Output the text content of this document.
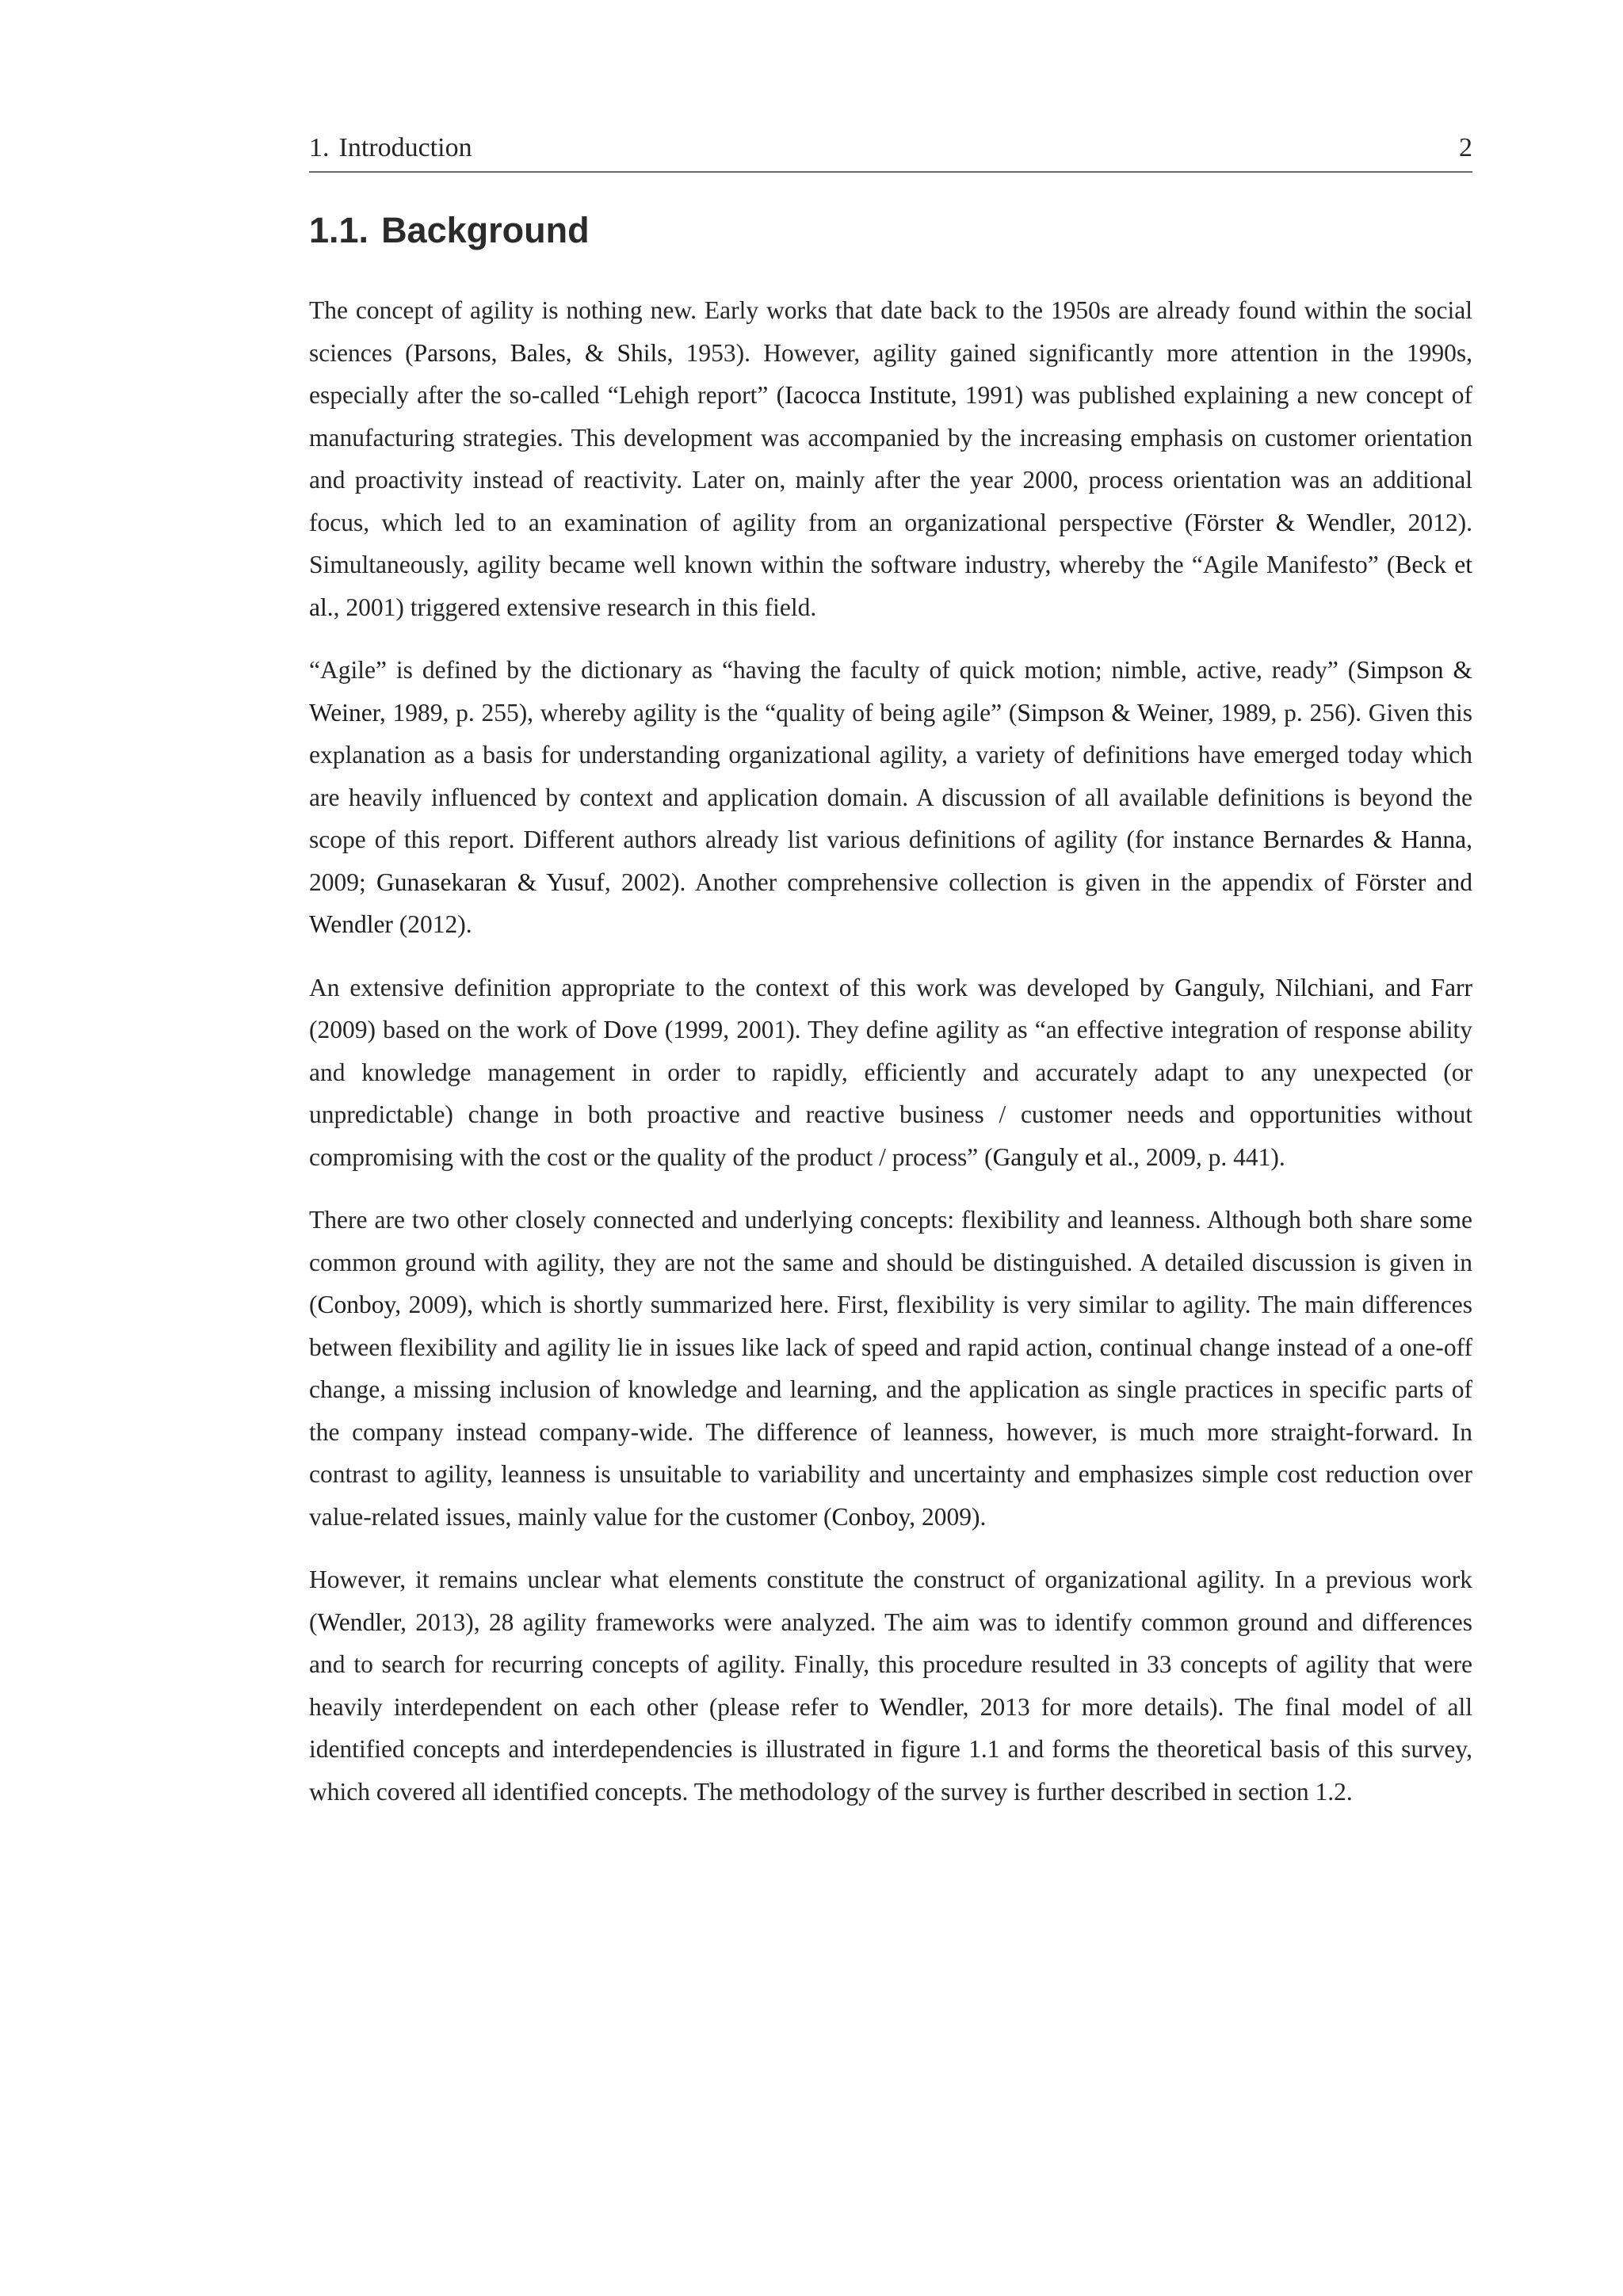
1. Introduction	2
1.1. Background

The concept of agility is nothing new. Early works that date back to the 1950s are already found within the social sciences (Parsons, Bales, & Shils, 1953). However, agility gained significantly more attention in the 1990s, especially after the so-called “Lehigh report” (Iacocca Institute, 1991) was published explaining a new concept of manufacturing strategies. This development was accompanied by the increasing emphasis on customer orientation and proactivity instead of reactivity. Later on, mainly after the year 2000, process orientation was an additional focus, which led to an examination of agility from an organizational perspective (Förster & Wendler, 2012). Simultaneously, agility became well known within the software industry, whereby the “Agile Manifesto” (Beck et al., 2001) triggered extensive research in this field.

“Agile” is defined by the dictionary as “having the faculty of quick motion; nimble, active, ready” (Simpson & Weiner, 1989, p. 255), whereby agility is the “quality of being agile” (Simpson & Weiner, 1989, p. 256). Given this explanation as a basis for understanding organizational agility, a variety of definitions have emerged today which are heavily influenced by context and application domain. A discussion of all available definitions is beyond the scope of this report. Different authors already list various definitions of agility (for instance Bernardes & Hanna, 2009; Gunasekaran & Yusuf, 2002). Another comprehensive collection is given in the appendix of Förster and Wendler (2012).

An extensive definition appropriate to the context of this work was developed by Ganguly, Nilchiani, and Farr (2009) based on the work of Dove (1999, 2001). They define agility as “an effective integration of response ability and knowledge management in order to rapidly, efficiently and accurately adapt to any unexpected (or unpredictable) change in both proactive and reactive business / customer needs and opportunities without compromising with the cost or the quality of the product / process” (Ganguly et al., 2009, p. 441).

There are two other closely connected and underlying concepts: flexibility and leanness. Although both share some common ground with agility, they are not the same and should be distinguished. A detailed discussion is given in (Conboy, 2009), which is shortly summarized here. First, flexibility is very similar to agility. The main differences between flexibility and agility lie in issues like lack of speed and rapid action, continual change instead of a one-off change, a missing inclusion of knowledge and learning, and the application as single practices in specific parts of the company instead company-wide. The difference of leanness, however, is much more straight-forward. In contrast to agility, leanness is unsuitable to variability and uncertainty and emphasizes simple cost reduction over value-related issues, mainly value for the customer (Conboy, 2009).

However, it remains unclear what elements constitute the construct of organizational agility. In a previous work (Wendler, 2013), 28 agility frameworks were analyzed. The aim was to identify common ground and differences and to search for recurring concepts of agility. Finally, this procedure resulted in 33 concepts of agility that were heavily interdependent on each other (please refer to Wendler, 2013 for more details). The final model of all identified concepts and interdependencies is illustrated in figure 1.1 and forms the theoretical basis of this survey, which covered all identified concepts. The methodology of the survey is further described in section 1.2.
